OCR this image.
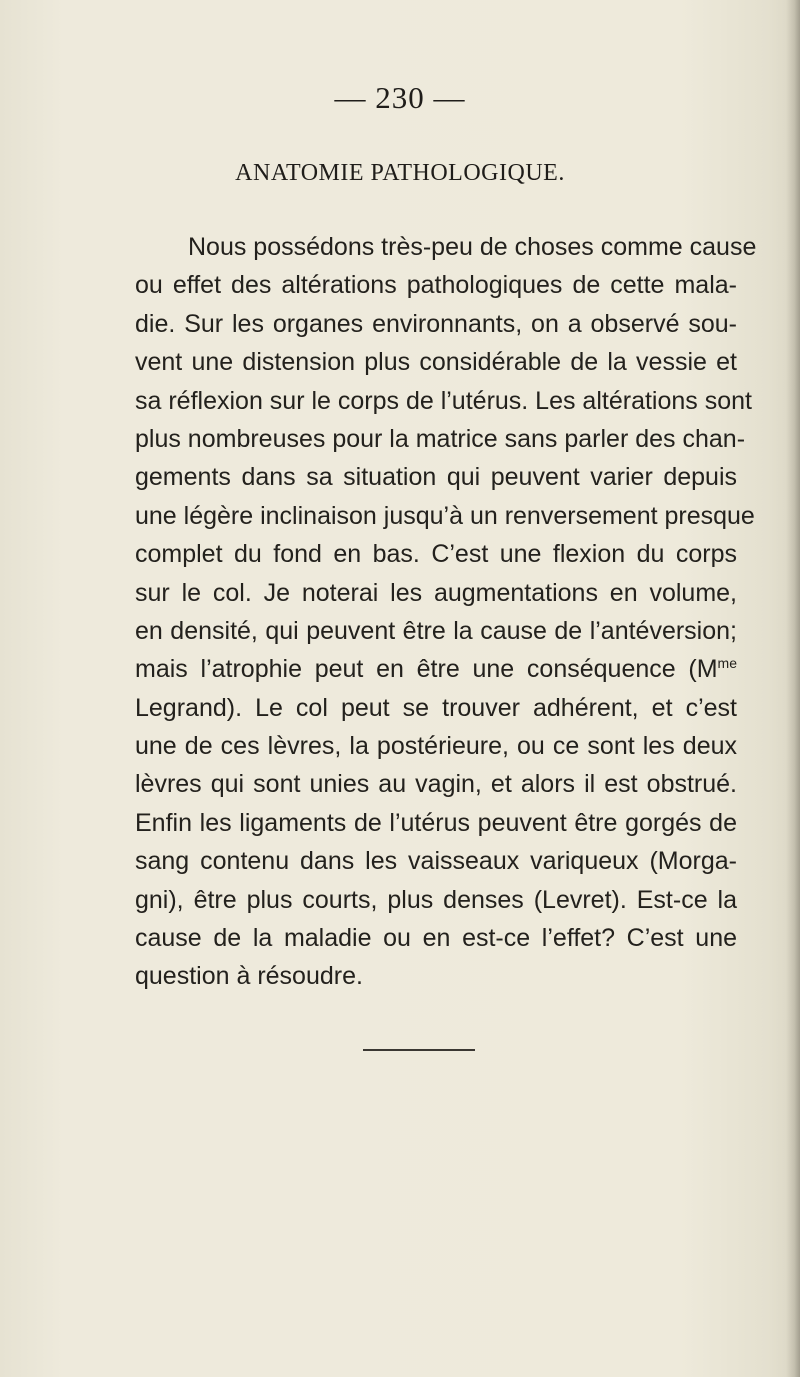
— 230 —
ANATOMIE PATHOLOGIQUE.
Nous possédons très-peu de choses comme cause
ou effet des altérations pathologiques de cette mala-
die. Sur les organes environnants, on a observé sou-
vent une distension plus considérable de la vessie et
sa réflexion sur le corps de l’utérus. Les altérations sont
plus nombreuses pour la matrice sans parler des chan-
gements dans sa situation qui peuvent varier depuis
une légère inclinaison jusqu’à un renversement presque
complet du fond en bas. C’est une flexion du corps
sur le col. Je noterai les augmentations en volume,
en densité, qui peuvent être la cause de l’antéversion;
mais l’atrophie peut en être une conséquence ($M^{me}$
Legrand). Le col peut se trouver adhérent, et c’est
une de ces lèvres, la postérieure, ou ce sont les deux
lèvres qui sont unies au vagin, et alors il est obstrué.
Enfin les ligaments de l’utérus peuvent être gorgés de
sang contenu dans les vaisseaux variqueux (Morga-
gni), être plus courts, plus denses (Levret). Est-ce la
cause de la maladie ou en est-ce l’effet? C’est une
question à résoudre.
